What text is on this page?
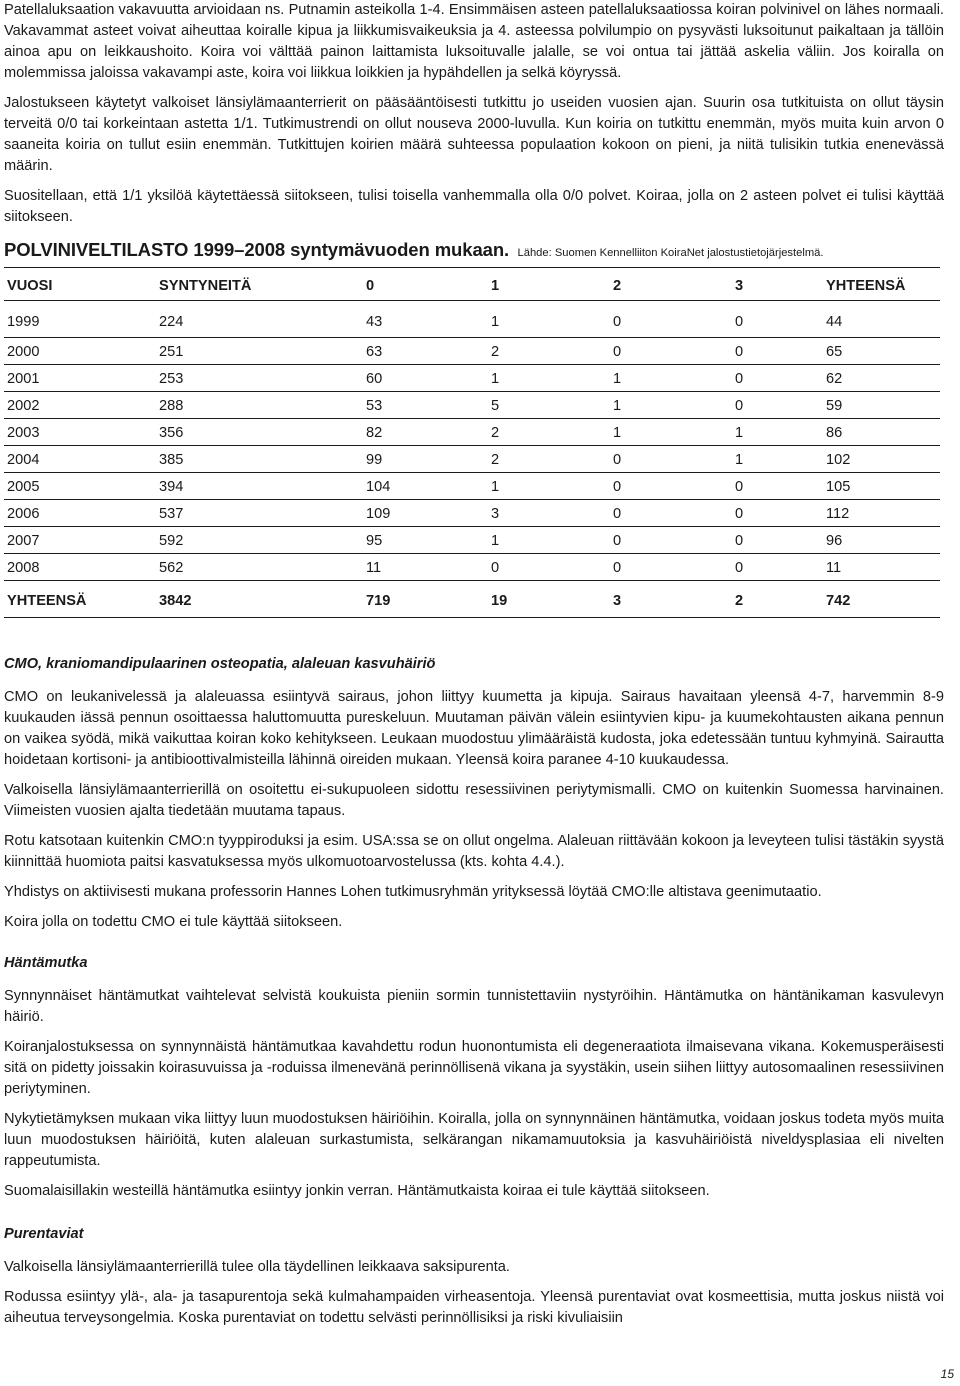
Patellaluksaation vakavuutta arvioidaan ns. Putnamin asteikolla 1-4. Ensimmäisen asteen patellaluksaatiossa koiran polvinivel on lähes normaali. Vakavammat asteet voivat aiheuttaa koiralle kipua ja liikkumisvaikeuksia ja 4. asteessa polvilumpio on pysyvästi luksoitunut paikaltaan ja tällöin ainoa apu on leikkaushoito. Koira voi välttää painon laittamista luksoituvalle jalalle, se voi ontua tai jättää askelia väliin. Jos koiralla on molemmissa jaloissa vakavampi aste, koira voi liikkua loikkien ja hypähdellen ja selkä köyryssä.

Jalostukseen käytetyt valkoiset länsiylämaanterrierit on pääsääntöisesti tutkittu jo useiden vuosien ajan. Suurin osa tutkituista on ollut täysin terveitä 0/0 tai korkeintaan astetta 1/1. Tutkimustrendi on ollut nouseva 2000-luvulla. Kun koiria on tutkittu enemmän, myös muita kuin arvon 0 saaneita koiria on tullut esiin enemmän. Tutkittujen koirien määrä suhteessa populaation kokoon on pieni, ja niitä tulisikin tutkia enenevässä määrin.

Suositellaan, että 1/1 yksilöä käytettäessä siitokseen, tulisi toisella vanhemmalla olla 0/0 polvet. Koiraa, jolla on 2 asteen polvet ei tulisi käyttää siitokseen.

POLVINIVELTILASTO 1999–2008 syntymävuoden mukaan. Lähde: Suomen Kennelliiton KoiraNet jalostustietojärjestelmä.
VUOSI	SYNTYNEITÄ	0	1	2	3	YHTEENSÄ
1999	224	43	1	0	0	44
2000	251	63	2	0	0	65
2001	253	60	1	1	0	62
2002	288	53	5	1	0	59
2003	356	82	2	1	1	86
2004	385	99	2	0	1	102
2005	394	104	1	0	0	105
2006	537	109	3	0	0	112
2007	592	95	1	0	0	96
2008	562	11	0	0	0	11
YHTEENSÄ	3842	719	19	3	2	742
CMO, kraniomandipulaarinen osteopatia, alaleuan kasvuhäiriö

CMO on leukanivelessä ja alaleuassa esiintyvä sairaus, johon liittyy kuumetta ja kipuja. Sairaus havaitaan yleensä 4-7, harvemmin 8-9 kuukauden iässä pennun osoittaessa haluttomuutta pureskeluun. Muutaman päivän välein esiintyvien kipu- ja kuumekohtausten aikana pennun on vaikea syödä, mikä vaikuttaa koiran koko kehitykseen. Leukaan muodostuu ylimääräistä kudosta, joka edetessään tuntuu kyhmyinä. Sairautta hoidetaan kortisoni- ja antibioottivalmisteilla lähinnä oireiden mukaan. Yleensä koira paranee 4-10 kuukaudessa.

Valkoisella länsiylämaanterrierillä on osoitettu ei-sukupuoleen sidottu resessiivinen periytymismalli. CMO on kuitenkin Suomessa harvinainen. Viimeisten vuosien ajalta tiedetään muutama tapaus.

Rotu katsotaan kuitenkin CMO:n tyyppiroduksi ja esim. USA:ssa se on ollut ongelma. Alaleuan riittävään kokoon ja leveyteen tulisi tästäkin syystä kiinnittää huomiota paitsi kasvatuksessa myös ulkomuotoarvostelussa (kts. kohta 4.4.).

Yhdistys on aktiivisesti mukana professorin Hannes Lohen tutkimusryhmän yrityksessä löytää CMO:lle altistava geenimutaatio.

Koira jolla on todettu CMO ei tule käyttää siitokseen.

Häntämutka

Synnynnäiset häntämutkat vaihtelevat selvistä koukuista pieniin sormin tunnistettaviin nystyröihin. Häntämutka on häntänikaman kasvulevyn häiriö.

Koiranjalostuksessa on synnynnäistä häntämutkaa kavahdettu rodun huonontumista eli degeneraatiota ilmaisevana vikana. Kokemusperäisesti sitä on pidetty joissakin koirasuvuissa ja -roduissa ilmenevänä perinnöllisenä vikana ja syystäkin, usein siihen liittyy autosomaalinen resessiivinen periytyminen.

Nykytietämyksen mukaan vika liittyy luun muodostuksen häiriöihin. Koiralla, jolla on synnynnäinen häntämutka, voidaan joskus todeta myös muita luun muodostuksen häiriöitä, kuten alaleuan surkastumista, selkärangan nikamamuutoksia ja kasvuhäiriöistä niveldysplasiaa eli nivelten rappeutumista.

Suomalaisillakin westeillä häntämutka esiintyy jonkin verran. Häntämutkaista koiraa ei tule käyttää siitokseen.

Purentaviat

Valkoisella länsiylämaanterrierillä tulee olla täydellinen leikkaava saksipurenta.

Rodussa esiintyy ylä-, ala- ja tasapurentoja sekä kulmahampaiden virheasentoja. Yleensä purentaviat ovat kosmeettisia, mutta joskus niistä voi aiheutua terveysongelmia. Koska purentaviat on todettu selvästi perinnöllisiksi ja riski kivuliaisiin

15
